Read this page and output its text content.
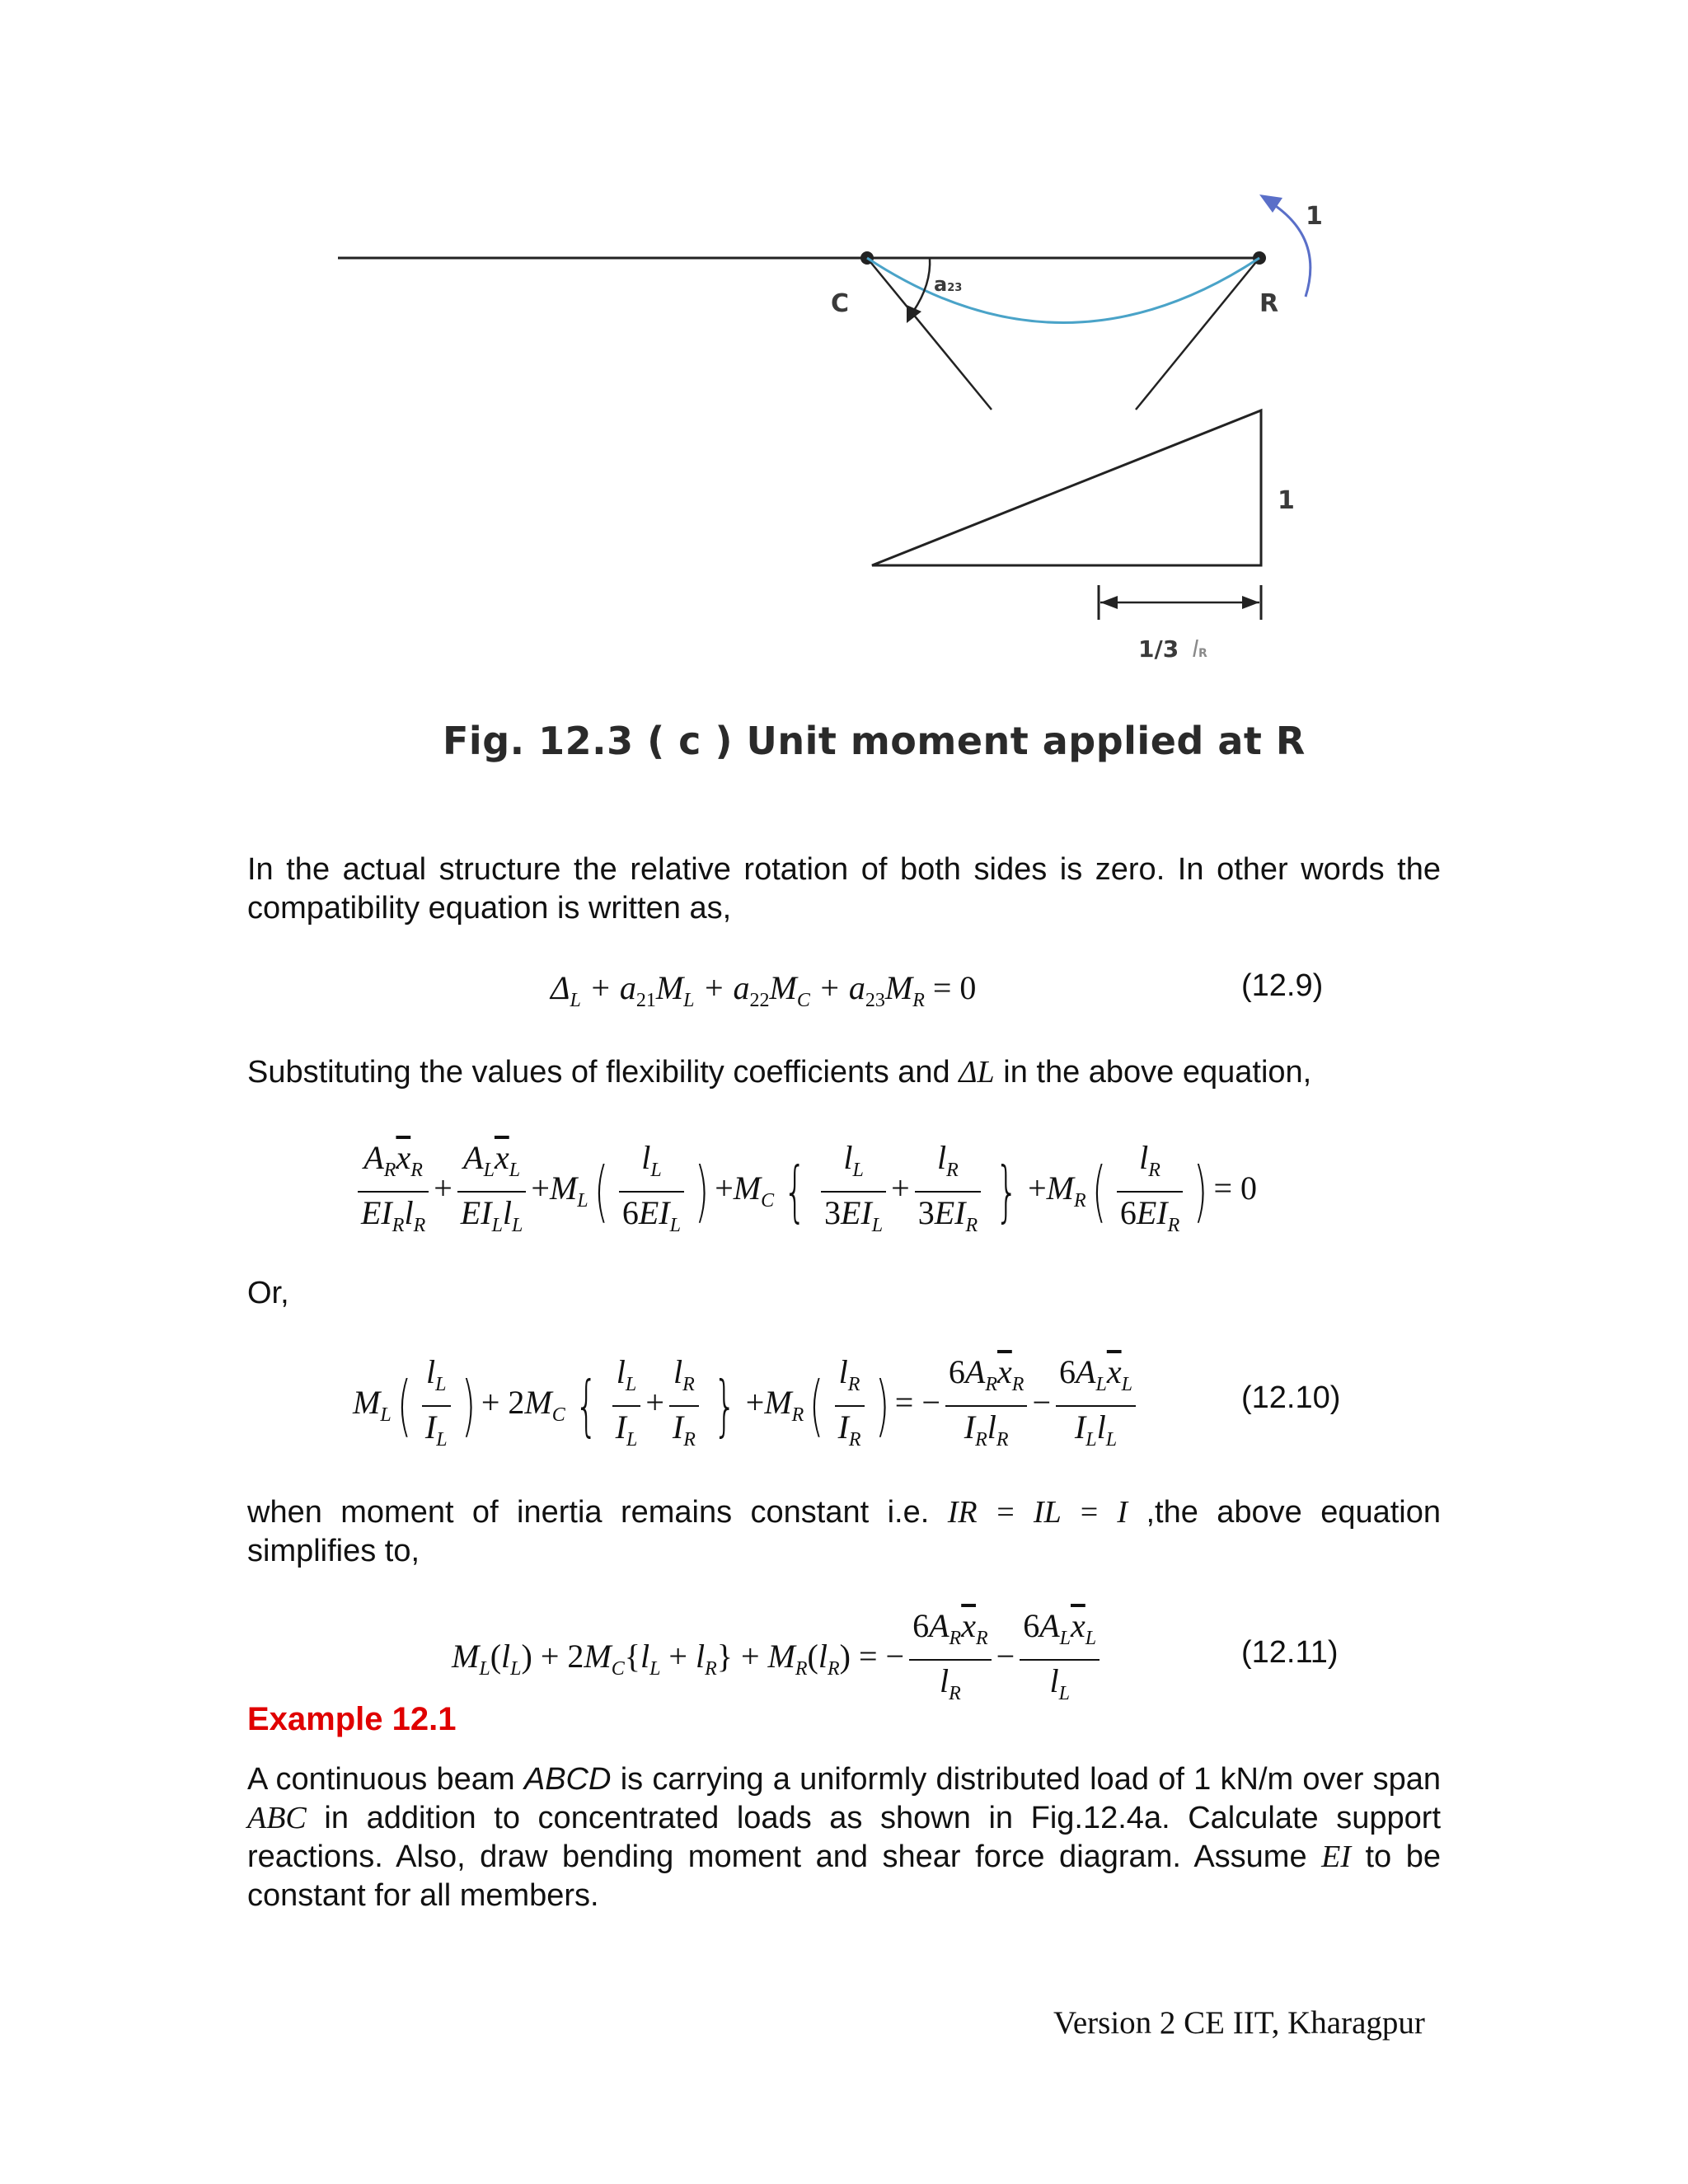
C	R
a23
1
1
1/3 lR
Fig. 12.3 ( c ) Unit moment applied at R
In the actual structure the relative rotation of both sides is zero. In other words the compatibility equation is written as,
$\Delta_L + a_{21}M_L + a_{22}M_C + a_{23}M_R = 0$	(12.9)
Substituting the values of flexibility coefficients and ΔL in the above equation,
$\frac{A_R\overline{x}_R}{EI_Rl_R} + \frac{A_L\overline{x}_L}{EI_Ll_L} +M_L( \frac{l_L}{6EI_L}$ ) $+M_C$ { $\frac{l_L}{3EI_L} + \frac{l_R}{3EI_R}$ } $+M_R( \frac{l_R}{6EI_R}$ ) = 0
Or,
$M_L( \frac{l_L}{I_L}$ ) + $2M_C$ { $\frac{l_L}{I_L} + \frac{l_R}{I_R}$ } $+M_R( \frac{l_R}{I_R}$ ) = − $\frac{6A_R\overline{x}_R}{I_Rl_R} - \frac{6A_L\overline{x}_L}{I_Ll_L}$	(12.10)
when moment of inertia remains constant i.e. IR = IL = I ,the above equation simplifies to,
$M_L(l_L) + 2M_C\{l_L + l_R\} + M_R(l_R)$ = − $\frac{6A_R\overline{x}_R}{l_R} - \frac{6A_L\overline{x}_L}{l_L}$	(12.11)
Example 12.1
A continuous beam ABCD is carrying a uniformly distributed load of 1 kN/m over span ABC in addition to concentrated loads as shown in Fig.12.4a. Calculate support reactions. Also, draw bending moment and shear force diagram. Assume EI to be constant for all members.
Version 2 CE IIT, Kharagpur
